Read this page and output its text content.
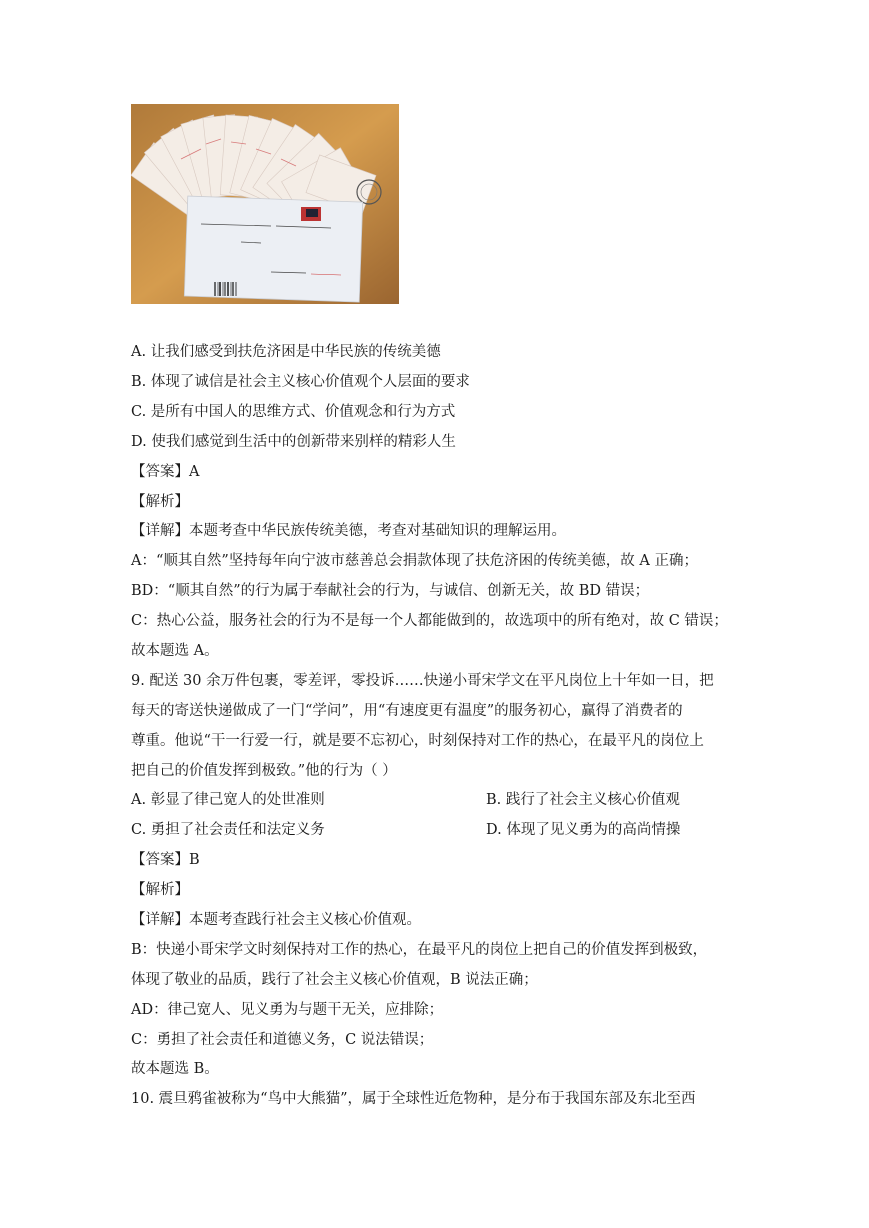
A. 让我们感受到扶危济困是中华民族的传统美德
B. 体现了诚信是社会主义核心价值观个人层面的要求
C. 是所有中国人的思维方式、价值观念和行为方式
D. 使我们感觉到生活中的创新带来别样的精彩人生
【答案】A
【解析】
【详解】本题考查中华民族传统美德，考查对基础知识的理解运用。
A：“顺其自然”坚持每年向宁波市慈善总会捐款体现了扶危济困的传统美德，故 A 正确；
BD：“顺其自然”的行为属于奉献社会的行为，与诚信、创新无关，故 BD 错误；
C：热心公益，服务社会的行为不是每一个人都能做到的，故选项中的所有绝对，故 C 错误；
故本题选 A。
9. 配送 30 余万件包裹，零差评，零投诉……快递小哥宋学文在平凡岗位上十年如一日，把
每天的寄送快递做成了一门“学问”，用“有速度更有温度”的服务初心，赢得了消费者的
尊重。他说“干一行爱一行，就是要不忘初心，时刻保持对工作的热心，在最平凡的岗位上
把自己的价值发挥到极致。”他的行为（ ）
A. 彰显了律己宽人的处世准则	B. 践行了社会主义核心价值观
C. 勇担了社会责任和法定义务	D. 体现了见义勇为的高尚情操
【答案】B
【解析】
【详解】本题考查践行社会主义核心价值观。
B：快递小哥宋学文时刻保持对工作的热心，在最平凡的岗位上把自己的价值发挥到极致，
体现了敬业的品质，践行了社会主义核心价值观，B 说法正确；
AD：律己宽人、见义勇为与题干无关，应排除；
C：勇担了社会责任和道德义务，C 说法错误；
故本题选 B。
10. 震旦鸦雀被称为“鸟中大熊猫”，属于全球性近危物种，是分布于我国东部及东北至西
